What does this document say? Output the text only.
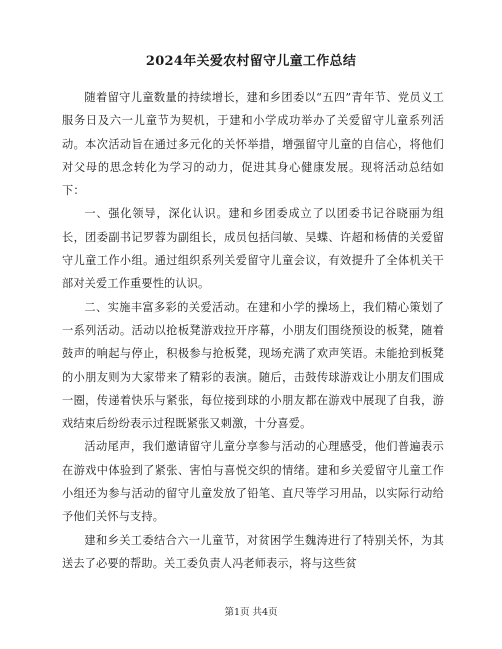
2024年关爱农村留守儿童工作总结

随着留守儿童数量的持续增长，建和乡团委以“五四”青年节、党员义工服务日及六一儿童节为契机，于建和小学成功举办了关爱留守儿童系列活动。本次活动旨在通过多元化的关怀举措，增强留守儿童的自信心，将他们对父母的思念转化为学习的动力，促进其身心健康发展。现将活动总结如下：

一、强化领导，深化认识。建和乡团委成立了以团委书记谷晓丽为组长，团委副书记罗蓉为副组长，成员包括闫敏、吴蝶、许超和杨倩的关爱留守儿童工作小组。通过组织系列关爱留守儿童会议，有效提升了全体机关干部对关爱工作重要性的认识。

二、实施丰富多彩的关爱活动。在建和小学的操场上，我们精心策划了一系列活动。活动以抢板凳游戏拉开序幕，小朋友们围绕预设的板凳，随着鼓声的响起与停止，积极参与抢板凳，现场充满了欢声笑语。未能抢到板凳的小朋友则为大家带来了精彩的表演。随后，击鼓传球游戏让小朋友们围成一圈，传递着快乐与紧张，每位接到球的小朋友都在游戏中展现了自我，游戏结束后纷纷表示过程既紧张又刺激，十分喜爱。

活动尾声，我们邀请留守儿童分享参与活动的心理感受，他们普遍表示在游戏中体验到了紧张、害怕与喜悦交织的情绪。建和乡关爱留守儿童工作小组还为参与活动的留守儿童发放了铅笔、直尺等学习用品，以实际行动给予他们关怀与支持。

建和乡关工委结合六一儿童节，对贫困学生魏涛进行了特别关怀，为其送去了必要的帮助。关工委负责人冯老师表示，将与这些贫

第1页 共4页
